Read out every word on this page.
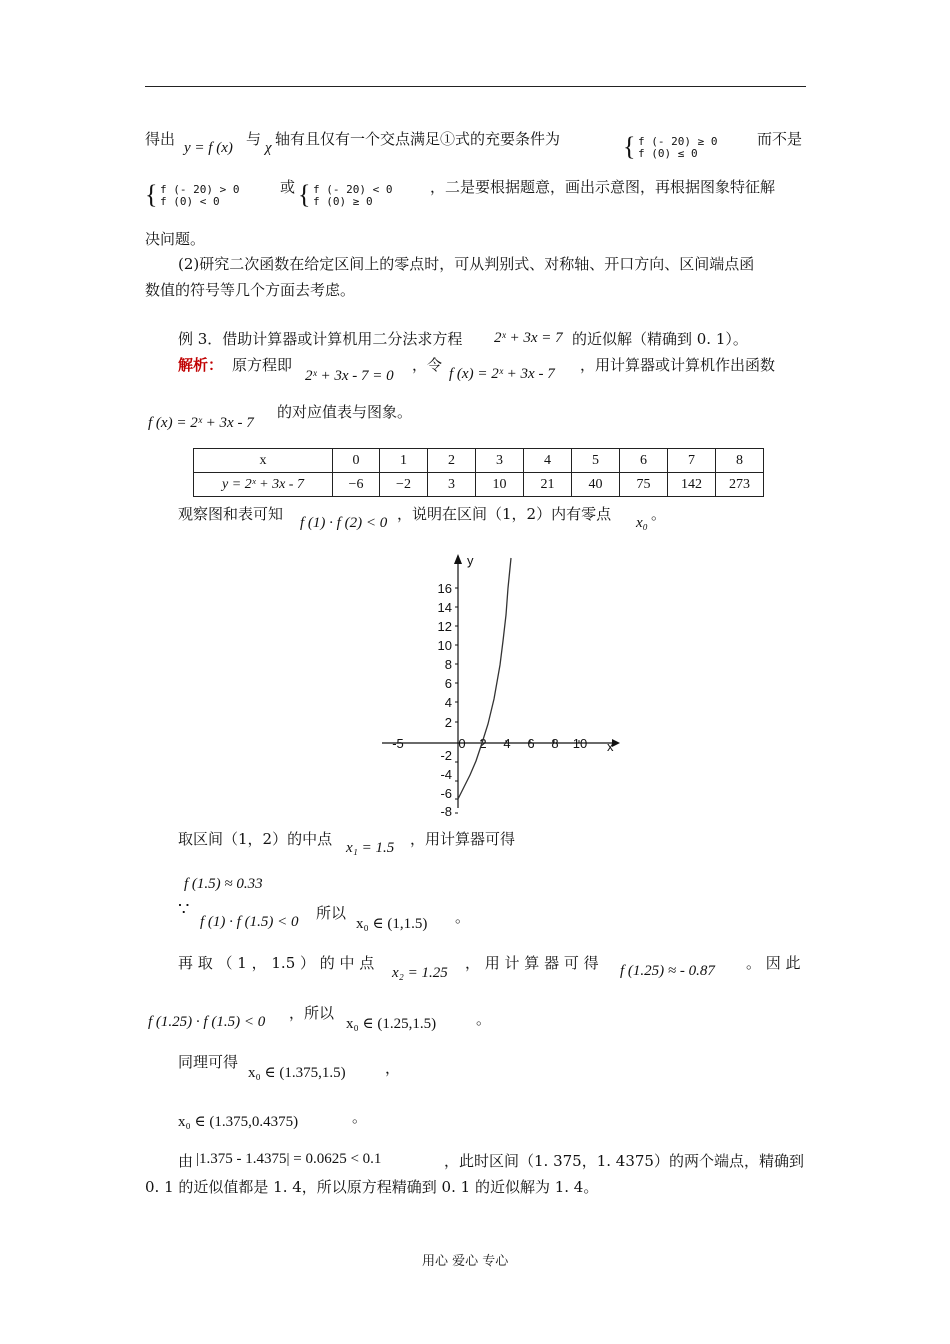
得出 y = f (x) 与 χ 轴有且仅有一个交点满足①式的充要条件为 { f (- 20) ≥ 0
f (0) ≤ 0
而不是
{ f (- 20) > 0
f (0) < 0
或 { f (- 20) < 0
f (0) ≥ 0
，二是要根据题意，画出示意图，再根据图象特征解
决问题。
(2)研究二次函数在给定区间上的零点时，可从判别式、对称轴、开口方向、区间端点函
数值的符号等几个方面去考虑。
例 3．借助计算器或计算机用二分法求方程 2ˣ + 3x = 7 的近似解（精确到 0. 1）。
解析： 原方程即
2ˣ + 3x - 7 = 0
，令 f (x) = 2ˣ + 3x - 7 ，用计算器或计算机作出函数
f (x) = 2ˣ + 3x - 7
的对应值表与图象。
x	0	1	2	3	4	5	6	7	8
y = 2ˣ + 3x - 7	−6	−2	3	10	21	40	75	142	273
观察图和表可知 f (1) · f (2) < 0 ，说明在区间（1，2）内有零点 x₀ 。
y
x
16
14
12
10
8
6
4
2
-2
-4
-6
-8
-5	0 2 4 6 8 10
取区间（1，2）的中点 x₁ = 1.5 ，用计算器可得
f (1.5) ≈ 0.33
∵
f (1) · f (1.5) < 0 所以
x₀ ∈ (1,1.5) 。
再 取 （ 1 ， 1.5 ） 的 中 点
x₂ = 1.25
， 用 计 算 器 可 得 f (1.25) ≈ - 0.87 。 因 此
f (1.25) · f (1.5) < 0 ，所以
x₀ ∈ (1.25,1.5)	。
同理可得
x₀ ∈ (1.375,1.5)	，
x₀ ∈ (1.375,0.4375)	。
由 |1.375 - 1.4375| = 0.0625 < 0.1	，此时区间（1. 375，1. 4375）的两个端点，精确到
0. 1 的近似值都是 1. 4，所以原方程精确到 0. 1 的近似解为 1. 4。
用心 爱心 专心
